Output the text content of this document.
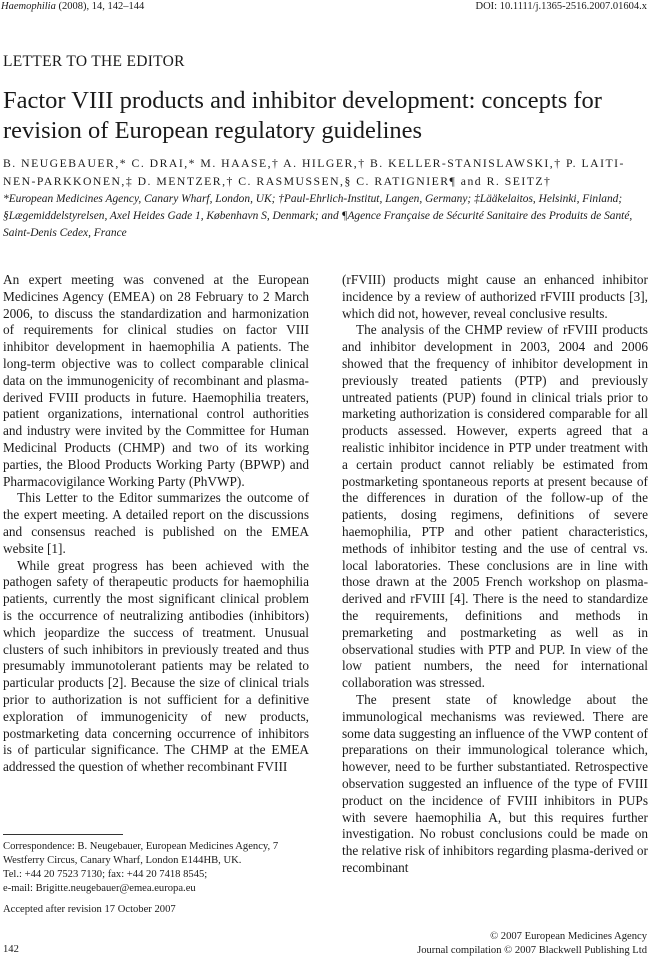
Haemophilia (2008), 14, 142–144	DOI: 10.1111/j.1365-2516.2007.01604.x
LETTER TO THE EDITOR
Factor VIII products and inhibitor development: concepts for revision of European regulatory guidelines
B. NEUGEBAUER,* C. DRAI,* M. HAASE,† A. HILGER,† B. KELLER-STANISLAWSKI,† P. LAITI-NEN-PARKKONEN,‡ D. MENTZER,† C. RASMUSSEN,§ C. RATIGNIER¶ and R. SEITZ†
*European Medicines Agency, Canary Wharf, London, UK; †Paul-Ehrlich-Institut, Langen, Germany; ‡Lääkelaitos, Helsinki, Finland; §Lægemiddelstyrelsen, Axel Heides Gade 1, København S, Denmark; and ¶Agence Française de Sécurité Sanitaire des Produits de Santé, Saint-Denis Cedex, France

An expert meeting was convened at the European Medicines Agency (EMEA) on 28 February to 2 March 2006, to discuss the standardization and harmonization of requirements for clinical studies on factor VIII inhibitor development in haemophilia A patients. The long-term objective was to collect comparable clinical data on the immunogenicity of recombinant and plasma-derived FVIII products in future. Haemophilia treaters, patient organizations, international control authorities and industry were invited by the Committee for Human Medicinal Products (CHMP) and two of its working parties, the Blood Products Working Party (BPWP) and Pharmacovigilance Working Party (PhVWP).

This Letter to the Editor summarizes the outcome of the expert meeting. A detailed report on the discussions and consensus reached is published on the EMEA website [1].

While great progress has been achieved with the pathogen safety of therapeutic products for haemophilia patients, currently the most significant clinical problem is the occurrence of neutralizing antibodies (inhibitors) which jeopardize the success of treatment. Unusual clusters of such inhibitors in previously treated and thus presumably immunotolerant patients may be related to particular products [2]. Because the size of clinical trials prior to authorization is not sufficient for a definitive exploration of immunogenicity of new products, postmarketing data concerning occurrence of inhibitors is of particular significance. The CHMP at the EMEA addressed the question of whether recombinant FVIII

(rFVIII) products might cause an enhanced inhibitor incidence by a review of authorized rFVIII products [3], which did not, however, reveal conclusive results.

The analysis of the CHMP review of rFVIII products and inhibitor development in 2003, 2004 and 2006 showed that the frequency of inhibitor development in previously treated patients (PTP) and previously untreated patients (PUP) found in clinical trials prior to marketing authorization is considered comparable for all products assessed. However, experts agreed that a realistic inhibitor incidence in PTP under treatment with a certain product cannot reliably be estimated from postmarketing spontaneous reports at present because of the differences in duration of the follow-up of the patients, dosing regimens, definitions of severe haemophilia, PTP and other patient characteristics, methods of inhibitor testing and the use of central vs. local laboratories. These conclusions are in line with those drawn at the 2005 French workshop on plasma-derived and rFVIII [4]. There is the need to standardize the requirements, definitions and methods in premarketing and postmarketing as well as in observational studies with PTP and PUP. In view of the low patient numbers, the need for international collaboration was stressed.

The present state of knowledge about the immunological mechanisms was reviewed. There are some data suggesting an influence of the VWP content of preparations on their immunological tolerance which, however, need to be further substantiated. Retrospective observation suggested an influence of the type of FVIII product on the incidence of FVIII inhibitors in PUPs with severe haemophilia A, but this requires further investigation. No robust conclusions could be made on the relative risk of inhibitors regarding plasma-derived or recombinant

Correspondence: B. Neugebauer, European Medicines Agency, 7 Westferry Circus, Canary Wharf, London E144HB, UK.
Tel.: +44 20 7523 7130; fax: +44 20 7418 8545;
e-mail: Brigitte.neugebauer@emea.europa.eu
Accepted after revision 17 October 2007
142
© 2007 European Medicines Agency
Journal compilation © 2007 Blackwell Publishing Ltd
